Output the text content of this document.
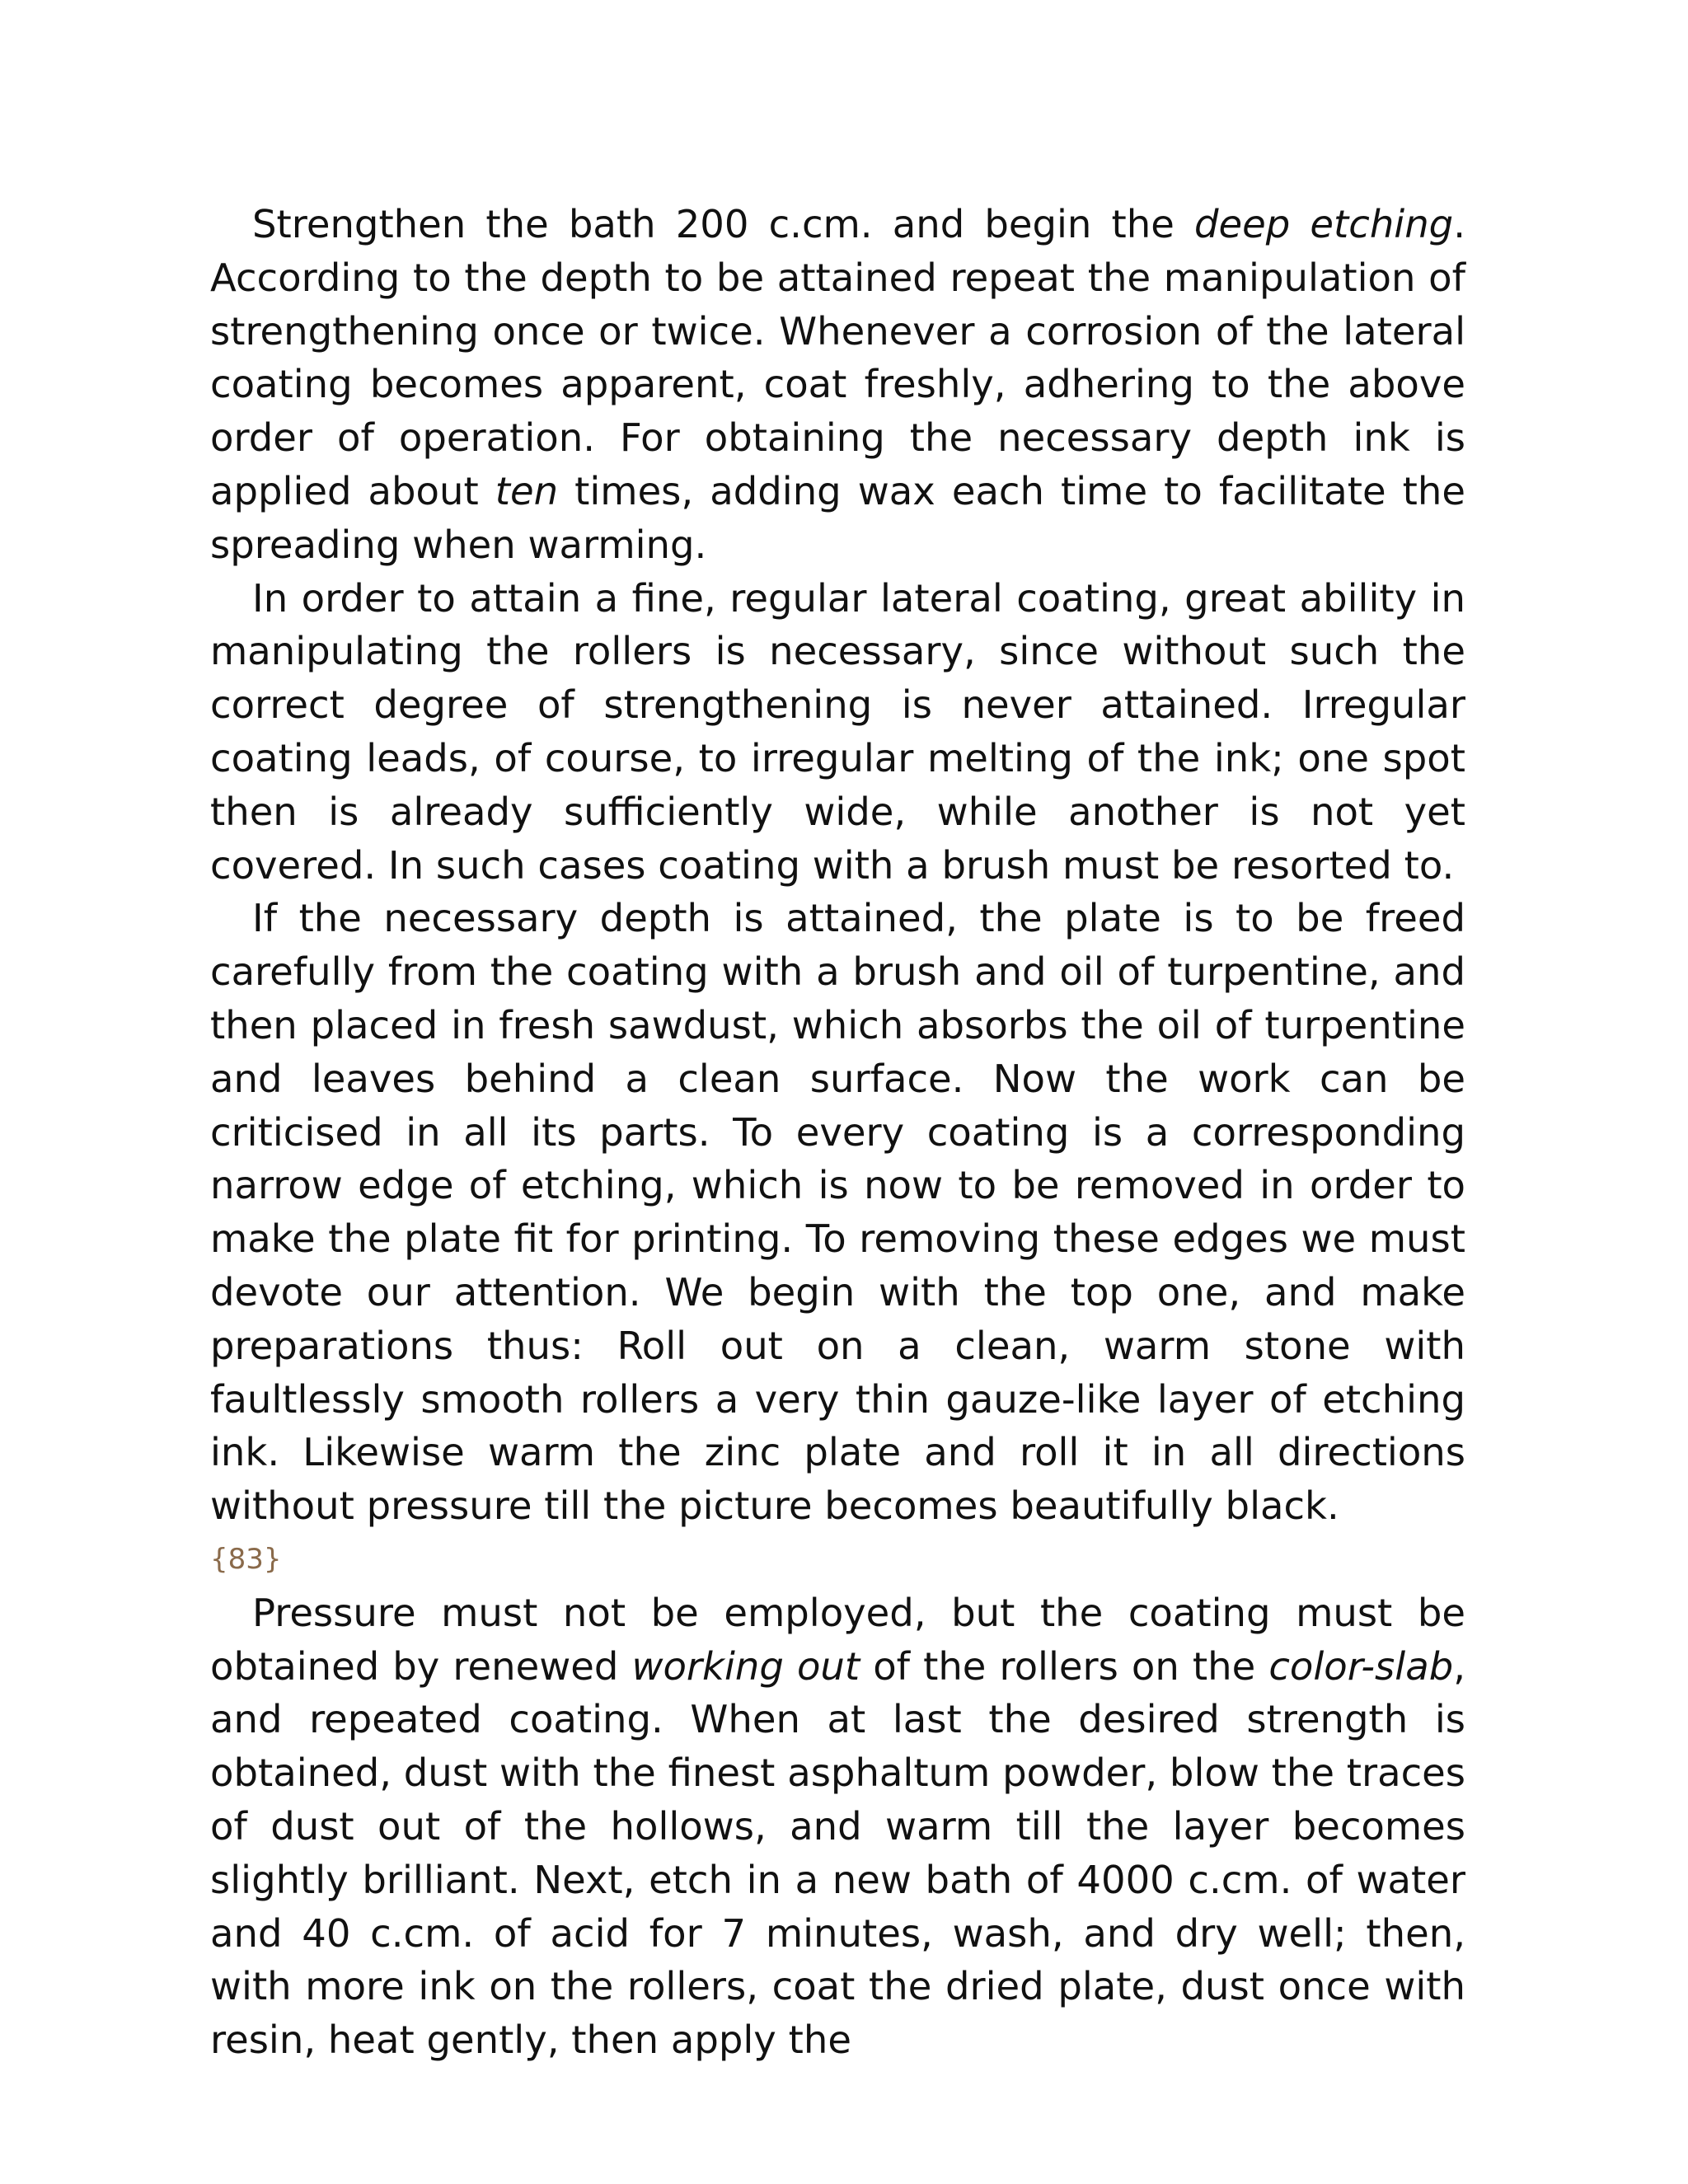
Strengthen the bath 200 c.cm. and begin the deep etching. According to the depth to be attained repeat the manipulation of strengthening once or twice. Whenever a corrosion of the lateral coating becomes apparent, coat freshly, adhering to the above order of operation. For obtaining the necessary depth ink is applied about ten times, adding wax each time to facilitate the spreading when warming.

In order to attain a fine, regular lateral coating, great ability in manipulating the rollers is necessary, since without such the correct degree of strengthening is never attained. Irregular coating leads, of course, to irregular melting of the ink; one spot then is already sufficiently wide, while another is not yet covered. In such cases coating with a brush must be resorted to.

If the necessary depth is attained, the plate is to be freed carefully from the coating with a brush and oil of turpentine, and then placed in fresh sawdust, which absorbs the oil of turpentine and leaves behind a clean surface. Now the work can be criticised in all its parts. To every coating is a corresponding narrow edge of etching, which is now to be removed in order to make the plate fit for printing. To removing these edges we must devote our attention. We begin with the top one, and make preparations thus: Roll out on a clean, warm stone with faultlessly smooth rollers a very thin gauze-like layer of etching ink. Likewise warm the zinc plate and roll it in all directions without pressure till the picture becomes beautifully black.

{83}

Pressure must not be employed, but the coating must be obtained by renewed working out of the rollers on the color-slab, and repeated coating. When at last the desired strength is obtained, dust with the finest asphaltum powder, blow the traces of dust out of the hollows, and warm till the layer becomes slightly brilliant. Next, etch in a new bath of 4000 c.cm. of water and 40 c.cm. of acid for 7 minutes, wash, and dry well; then, with more ink on the rollers, coat the dried plate, dust once with resin, heat gently, then apply the
